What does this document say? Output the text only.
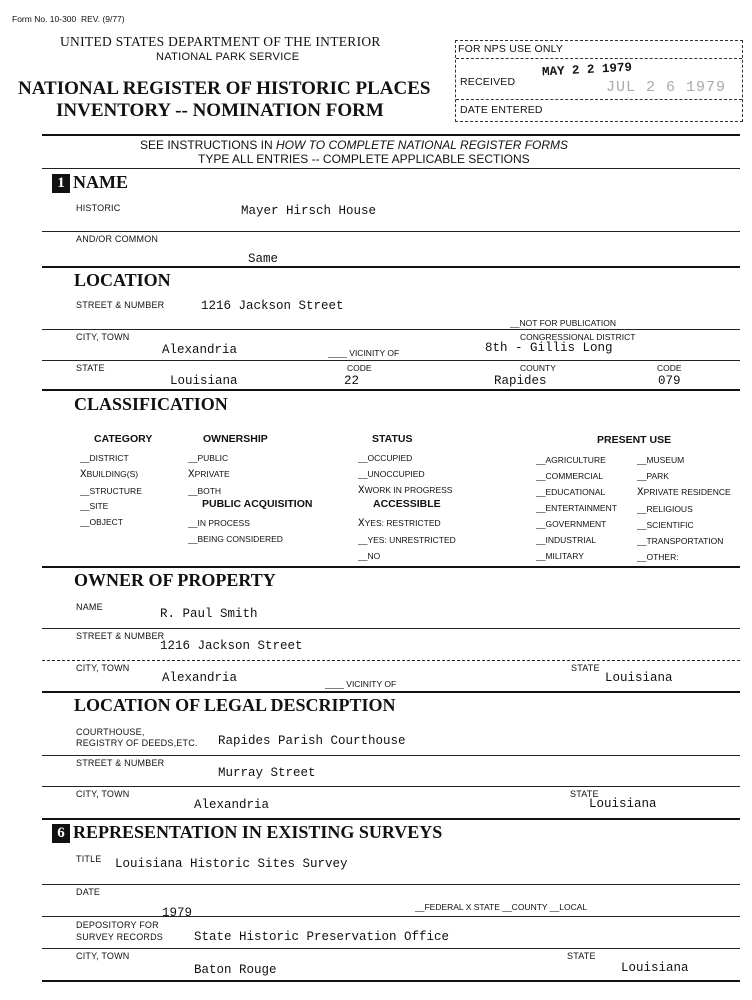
Form No. 10-300 REV. (9/77)
UNITED STATES DEPARTMENT OF THE INTERIOR
NATIONAL PARK SERVICE
NATIONAL REGISTER OF HISTORIC PLACES
INVENTORY -- NOMINATION FORM
FOR NPS USE ONLY
RECEIVED
MAY 2 2 1979
JUL 2 6 1979
DATE ENTERED
SEE INSTRUCTIONS IN HOW TO COMPLETE NATIONAL REGISTER FORMS
TYPE ALL ENTRIES -- COMPLETE APPLICABLE SECTIONS
1 NAME
HISTORIC	Mayer Hirsch House
AND/OR COMMON
Same
LOCATION
STREET & NUMBER	1216 Jackson Street
__NOT FOR PUBLICATION
CITY, TOWN	CONGRESSIONAL DISTRICT
Alexandria	____ VICINITY OF	8th - Gillis Long
STATE	CODE	COUNTY	CODE
Louisiana	22	Rapides	079
CLASSIFICATION
CATEGORY
__DISTRICT
XBUILDING(S)
__STRUCTURE
__SITE
__OBJECT
OWNERSHIP
__PUBLIC
XPRIVATE
__BOTH
PUBLIC ACQUISITION
__IN PROCESS
__BEING CONSIDERED
STATUS
__OCCUPIED
__UNOCCUPIED
XWORK IN PROGRESS
ACCESSIBLE
XYES: RESTRICTED
__YES: UNRESTRICTED
__NO
PRESENT USE
__AGRICULTURE
__COMMERCIAL
__EDUCATIONAL
__ENTERTAINMENT
__GOVERNMENT
__INDUSTRIAL
__MILITARY
__MUSEUM
__PARK
XPRIVATE RESIDENCE
__RELIGIOUS
__SCIENTIFIC
__TRANSPORTATION
__OTHER:
OWNER OF PROPERTY
NAME	R. Paul Smith
STREET & NUMBER
1216 Jackson Street
CITY, TOWN	STATE
Alexandria	____ VICINITY OF	Louisiana
LOCATION OF LEGAL DESCRIPTION
COURTHOUSE,
REGISTRY OF DEEDS,ETC. Rapides Parish Courthouse
STREET & NUMBER
Murray Street
CITY, TOWN	STATE
Alexandria	Louisiana
6 REPRESENTATION IN EXISTING SURVEYS
TITLE Louisiana Historic Sites Survey
DATE
1979	__FEDERAL X STATE __COUNTY __LOCAL
DEPOSITORY FOR
SURVEY RECORDS State Historic Preservation Office
CITY, TOWN	STATE
Baton Rouge	Louisiana
